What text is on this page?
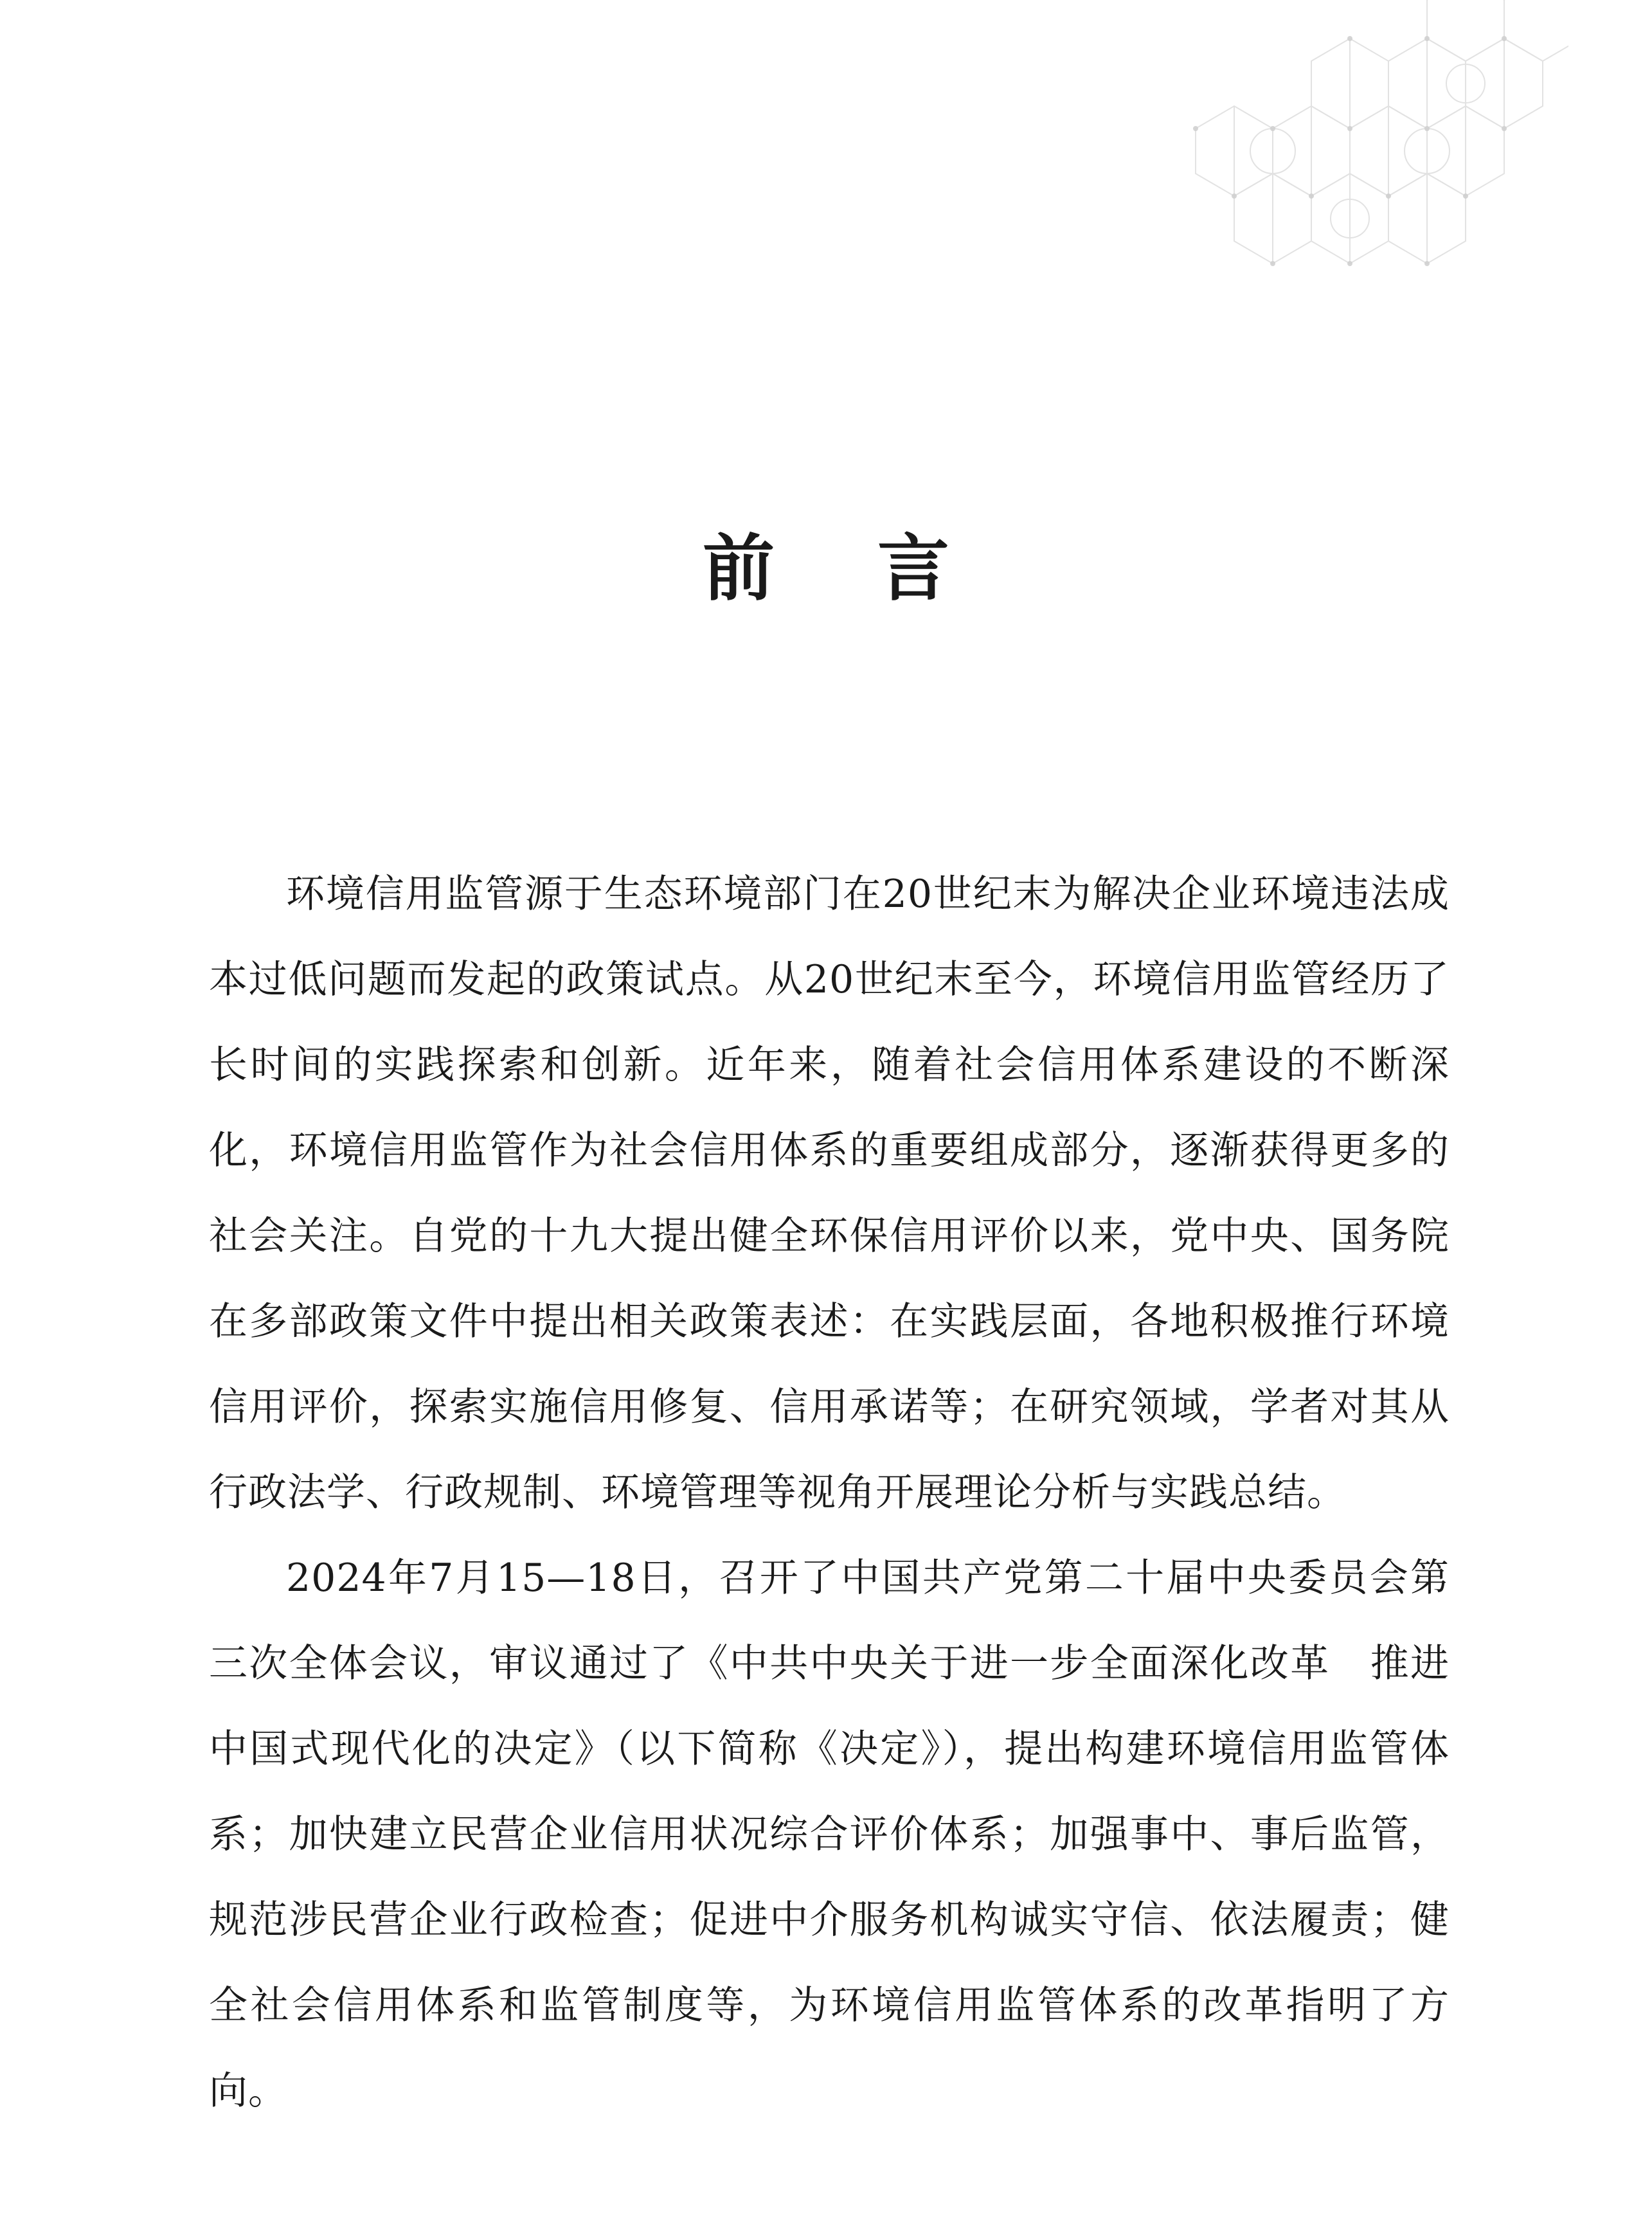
前 言

环境信用监管源于生态环境部门在20世纪末为解决企业环境违法成本过低问题而发起的政策试点。从20世纪末至今，环境信用监管经历了长时间的实践探索和创新。近年来，随着社会信用体系建设的不断深化，环境信用监管作为社会信用体系的重要组成部分，逐渐获得更多的社会关注。自党的十九大提出健全环保信用评价以来，党中央、国务院在多部政策文件中提出相关政策表述：在实践层面，各地积极推行环境信用评价，探索实施信用修复、信用承诺等；在研究领域，学者对其从行政法学、行政规制、环境管理等视角开展理论分析与实践总结。

2024年7月15—18日，召开了中国共产党第二十届中央委员会第三次全体会议，审议通过了《中共中央关于进一步全面深化改革　推进中国式现代化的决定》（以下简称《决定》），提出构建环境信用监管体系；加快建立民营企业信用状况综合评价体系；加强事中、事后监管，规范涉民营企业行政检查；促进中介服务机构诚实守信、依法履责；健全社会信用体系和监管制度等，为环境信用监管体系的改革指明了方向。
